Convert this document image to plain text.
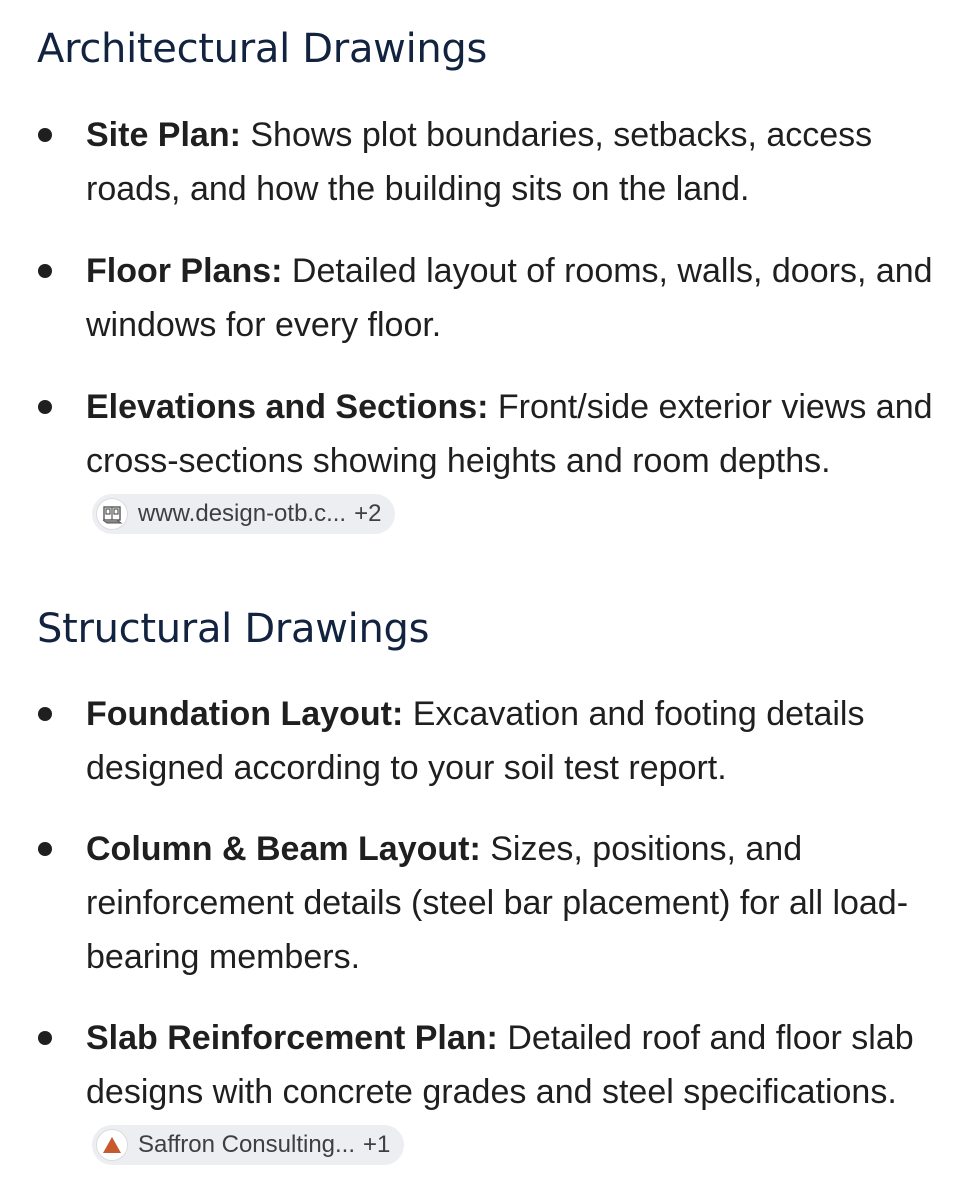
Architectural Drawings
Site Plan: Shows plot boundaries, setbacks, access roads, and how the building sits on the land.
Floor Plans: Detailed layout of rooms, walls, doors, and windows for every floor.
Elevations and Sections: Front/side exterior views and cross-sections showing heights and room depths.
www.design-otb.c... +2
Structural Drawings
Foundation Layout: Excavation and footing details designed according to your soil test report.
Column & Beam Layout: Sizes, positions, and reinforcement details (steel bar placement) for all load-bearing members.
Slab Reinforcement Plan: Detailed roof and floor slab designs with concrete grades and steel specifications.
Saffron Consulting... +1
